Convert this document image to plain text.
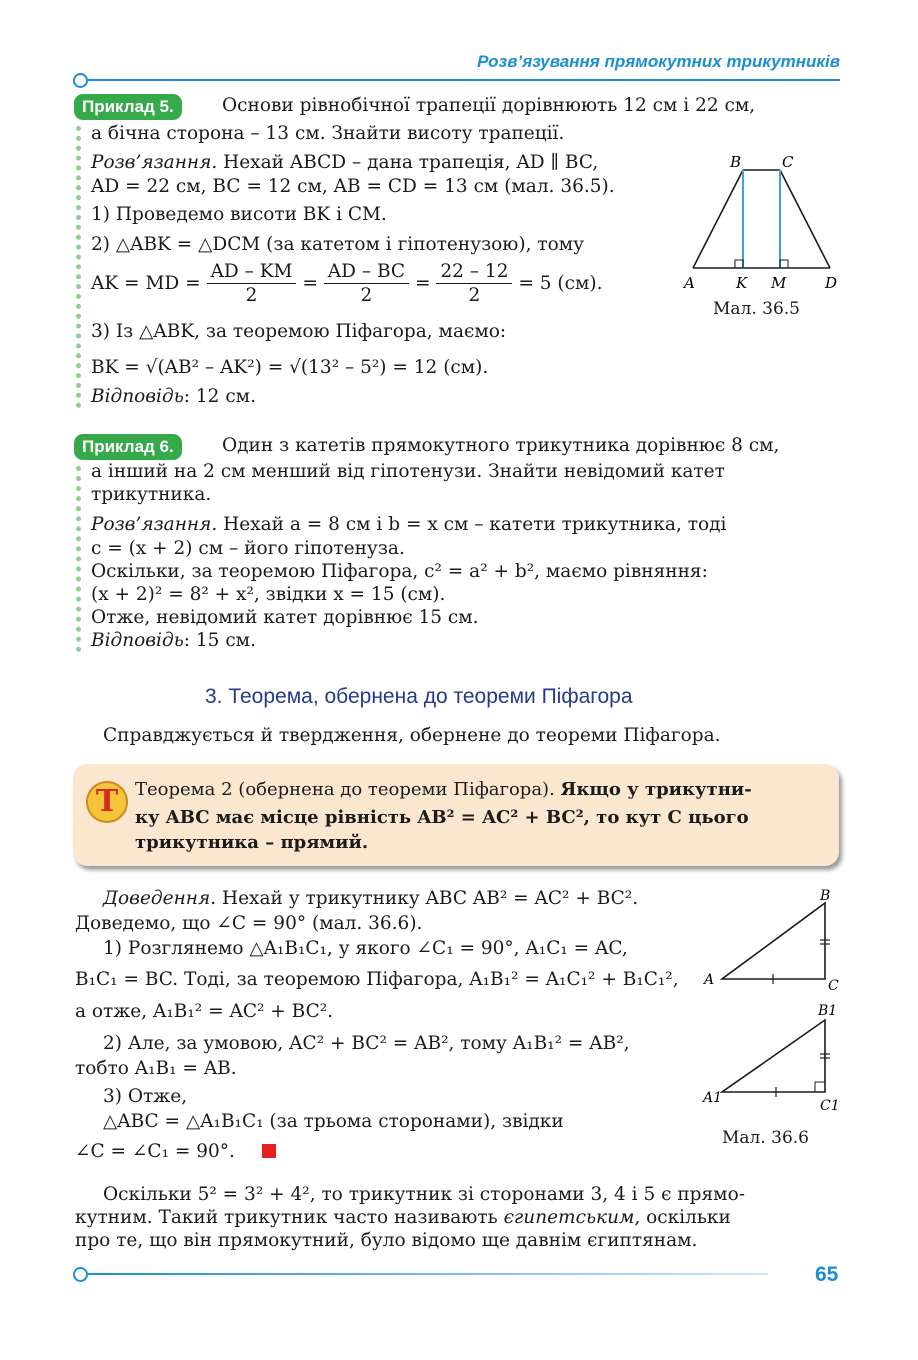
Розв’язування прямокутних трикутників
Приклад 5.	Основи рівнобічної трапеції дорівнюють 12 см і 22 см,
а бічна сторона – 13 см. Знайти висоту трапеції.
Розв’язання. Нехай ABCD – дана трапеція, AD ∥ BC,
AD = 22 см, BC = 12 см, AB = CD = 13 см (мал. 36.5).
1) Проведемо висоти BK і CM.
2) △ABK = △DCM (за катетом і гіпотенузою), тому
AK = MD = $\frac{AD - KM}{2} = \frac{AD - BC}{2} = \frac{22 - 12}{2} = 5$ (см).
3) Із △ABK, за теоремою Піфагора, маємо:
BK = √(AB² – AK²) = √(13² – 5²) = 12 (см).
Відповідь: 12 см.
B	C
A	K M	D
Мал. 36.5
Приклад 6.	Один з катетів прямокутного трикутника дорівнює 8 см,
а інший на 2 см менший від гіпотенузи. Знайти невідомий катет
трикутника.
Розв’язання. Нехай a = 8 см і b = x см – катети трикутника, тоді
c = (x + 2) см – його гіпотенуза.
Оскільки, за теоремою Піфагора, c² = a² + b², маємо рівняння:
(x + 2)² = 8² + x², звідки x = 15 (см).
Отже, невідомий катет дорівнює 15 см.
Відповідь: 15 см.
3. Теорема, обернена до теореми Піфагора
Справджується й твердження, обернене до теореми Піфагора.
T Теорема 2 (обернена до теореми Піфагора). Якщо у трикутни-
ку ABC має місце рівність AB² = AC² + BC², то кут C цього
трикутника – прямий.
Доведення. Нехай у трикутнику ABC AB² = AC² + BC².
Доведемо, що ∠C = 90° (мал. 36.6).
1) Розглянемо △A₁B₁C₁, у якого ∠C₁ = 90°, A₁C₁ = AC,
B₁C₁ = BC. Тоді, за теоремою Піфагора, A₁B₁² = A₁C₁² + B₁C₁²,
а отже, A₁B₁² = AC² + BC².
2) Але, за умовою, AC² + BC² = AB², тому A₁B₁² = AB²,
тобто A₁B₁ = AB.
3) Отже,
△ABC = △A₁B₁C₁ (за трьома сторонами), звідки
∠C = ∠C₁ = 90°.
B
A	C
B1
A1	C1
Мал. 36.6
Оскільки 5² = 3² + 4², то трикутник зі сторонами 3, 4 і 5 є прямо-
кутним. Такий трикутник часто називають єгипетським, оскільки
про те, що він прямокутний, було відомо ще давнім єгиптянам.
65
